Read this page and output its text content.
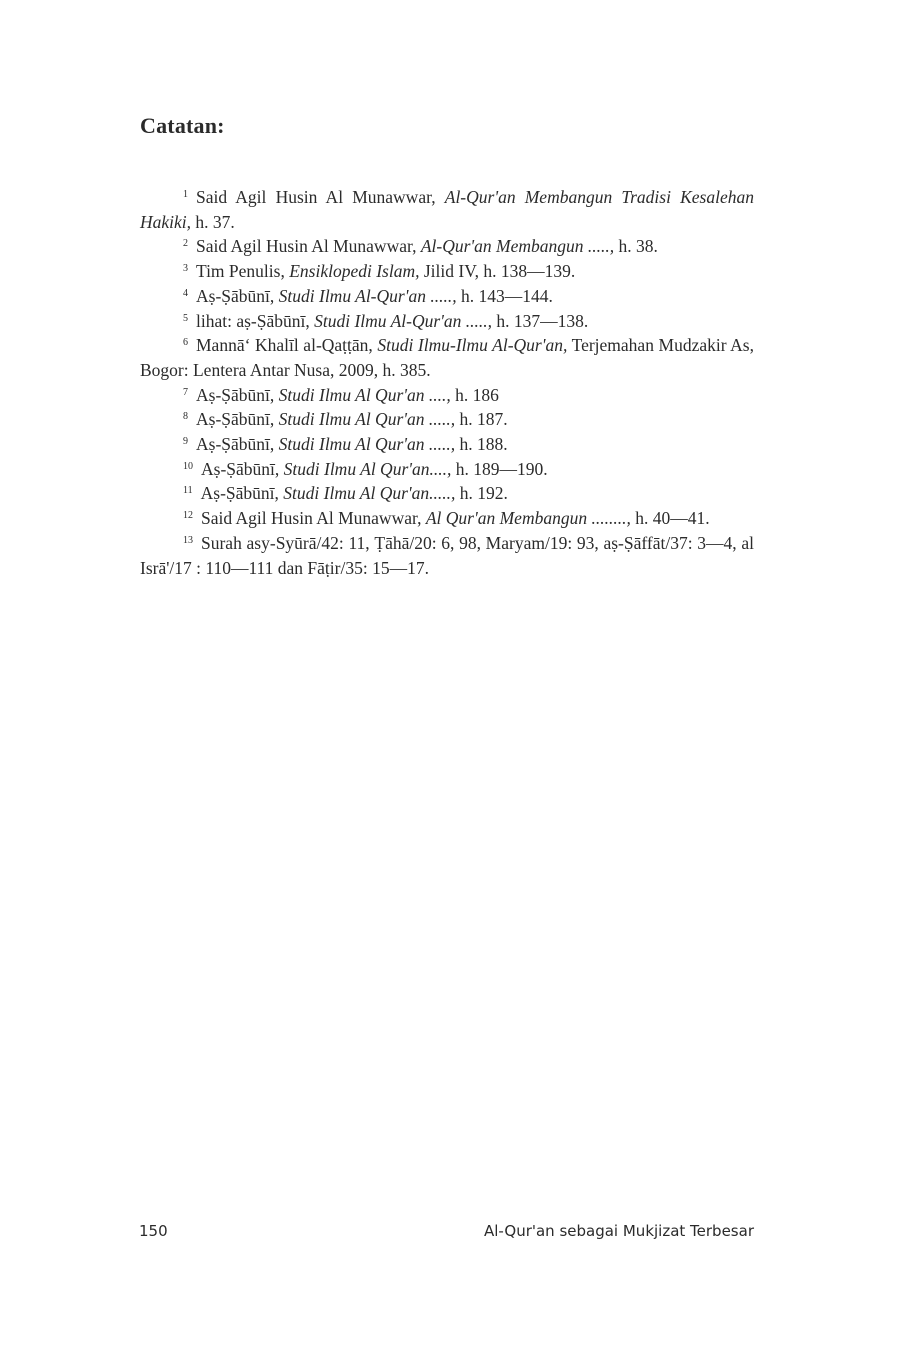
Catatan:

$^1$ Said Agil Husin Al Munawwar, Al-Qur'an Membangun Tradisi Kesalehan Hakiki, h. 37.

$^2$ Said Agil Husin Al Munawwar, Al-Qur'an Membangun ....., h. 38.

$^3$ Tim Penulis, Ensiklopedi Islam, Jilid IV, h. 138—139.

$^4$ Aṣ-Ṣābūnī, Studi Ilmu Al-Qur'an ....., h. 143—144.

$^5$ lihat: aṣ-Ṣābūnī, Studi Ilmu Al-Qur'an ....., h. 137—138.

$^6$ Mannā‘ Khalīl al-Qaṭṭān, Studi Ilmu-Ilmu Al-Qur'an, Terjemahan Mudzakir As, Bogor: Lentera Antar Nusa, 2009, h. 385.

$^7$ Aṣ-Ṣābūnī, Studi Ilmu Al Qur'an ...., h. 186

$^8$ Aṣ-Ṣābūnī, Studi Ilmu Al Qur'an ....., h. 187.

$^9$ Aṣ-Ṣābūnī, Studi Ilmu Al Qur'an ....., h. 188.

$^{10}$ Aṣ-Ṣābūnī, Studi Ilmu Al Qur'an...., h. 189—190.

$^{11}$ Aṣ-Ṣābūnī, Studi Ilmu Al Qur'an....., h. 192.

$^{12}$ Said Agil Husin Al Munawwar, Al Qur'an Membangun ........, h. 40—41.

$^{13}$ Surah asy-Syūrā/42: 11, Ṭāhā/20: 6, 98, Maryam/19: 93, aṣ-Ṣāffāt/37: 3—4, al Isrā'/17 : 110—111 dan Fāṭir/35: 15—17.

150	Al-Qur'an sebagai Mukjizat Terbesar
